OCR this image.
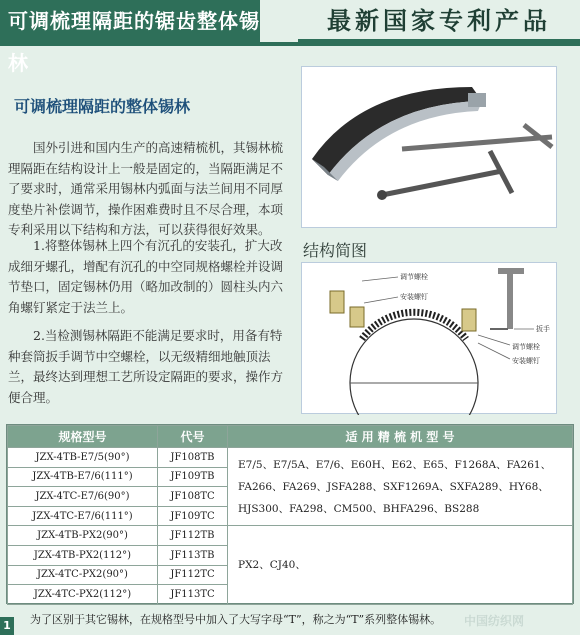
可调梳理隔距的锯齿整体锡林
最新国家专利产品
可调梳理隔距的整体锡林

国外引进和国内生产的高速精梳机，其锡林梳理隔距在结构设计上一般是固定的，当隔距满足不了要求时，通常采用锡林内弧面与法兰间用不同厚度垫片补偿调节，操作困难费时且不尽合理，本项专利采用以下结构和方法，可以获得很好效果。

1.将整体锡林上四个有沉孔的安装孔，扩大改成细牙螺孔，增配有沉孔的中空同规格螺栓并设调节垫口，固定锡林仍用（略加改制的）圆柱头内六角螺钉紧定于法兰上。

2.当检测锡林隔距不能满足要求时，用备有特种套筒扳手调节中空螺栓，以无级精细地触顶法兰，最终达到理想工艺所设定隔距的要求，操作方便合理。

结构简图
调节螺栓
安装螺钉
扳手
调节螺栓
安装螺钉
规格型号	代号	适 用 精 梳 机 型 号
JZX-4TB-E7/5(90°)	JF108TB	E7/5、E7/5A、E7/6、E60H、E62、E65、F1268A、FA261、FA266、FA269、JSFA288、SXF1269A、SXFA289、HY68、HJS300、FA298、CM500、BHFA296、BS288
JZX-4TB-E7/6(111°)	JF109TB	
JZX-4TC-E7/6(90°)	JF108TC	
JZX-4TC-E7/6(111°)	JF109TC	
JZX-4TB-PX2(90°)	JF112TB	PX2、CJ40、
JZX-4TB-PX2(112°)	JF113TB	
JZX-4TC-PX2(90°)	JF112TC	
JZX-4TC-PX2(112°)	JF113TC	
为了区别于其它锡林，在规格型号中加入了大写字母“T”，称之为“T”系列整体锡林。
1	中国纺织网
